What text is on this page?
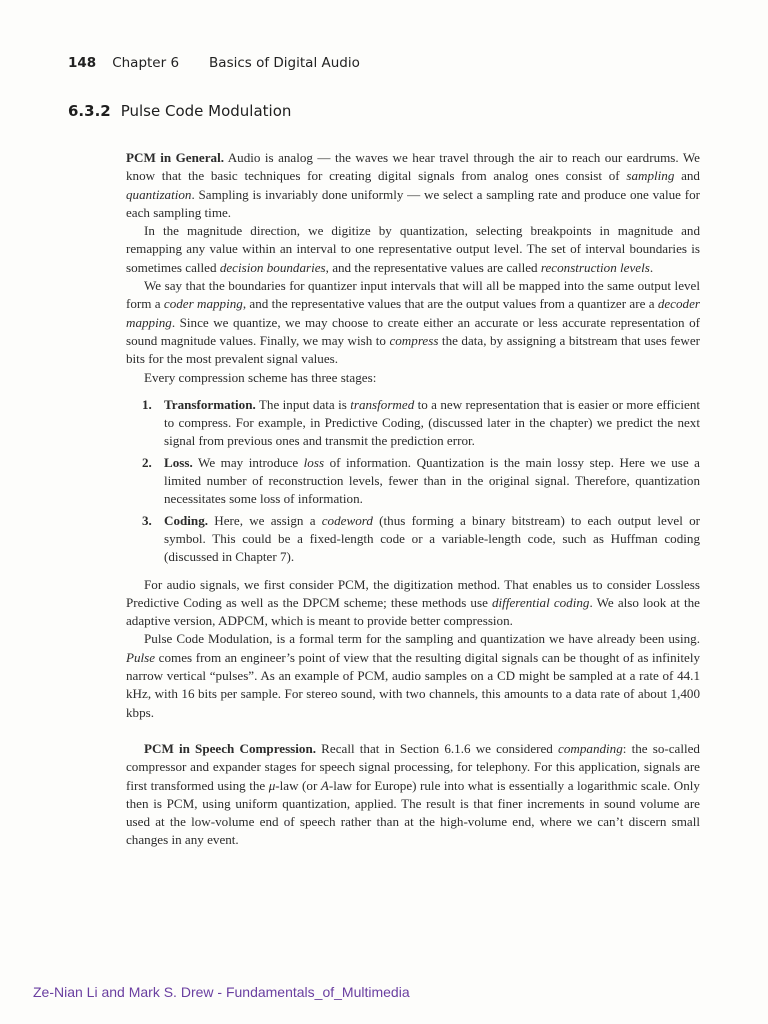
148 Chapter 6 Basics of Digital Audio
6.3.2 Pulse Code Modulation

PCM in General. Audio is analog — the waves we hear travel through the air to reach our eardrums. We know that the basic techniques for creating digital signals from analog ones consist of sampling and quantization. Sampling is invariably done uniformly — we select a sampling rate and produce one value for each sampling time.

In the magnitude direction, we digitize by quantization, selecting breakpoints in magnitude and remapping any value within an interval to one representative output level. The set of interval boundaries is sometimes called decision boundaries, and the representative values are called reconstruction levels.

We say that the boundaries for quantizer input intervals that will all be mapped into the same output level form a coder mapping, and the representative values that are the output values from a quantizer are a decoder mapping. Since we quantize, we may choose to create either an accurate or less accurate representation of sound magnitude values. Finally, we may wish to compress the data, by assigning a bitstream that uses fewer bits for the most prevalent signal values.

Every compression scheme has three stages:

1. Transformation. The input data is transformed to a new representation that is easier or more efficient to compress. For example, in Predictive Coding, (discussed later in the chapter) we predict the next signal from previous ones and transmit the prediction error.
2. Loss. We may introduce loss of information. Quantization is the main lossy step. Here we use a limited number of reconstruction levels, fewer than in the original signal. Therefore, quantization necessitates some loss of information.
3. Coding. Here, we assign a codeword (thus forming a binary bitstream) to each output level or symbol. This could be a fixed-length code or a variable-length code, such as Huffman coding (discussed in Chapter 7).

For audio signals, we first consider PCM, the digitization method. That enables us to consider Lossless Predictive Coding as well as the DPCM scheme; these methods use differential coding. We also look at the adaptive version, ADPCM, which is meant to provide better compression.

Pulse Code Modulation, is a formal term for the sampling and quantization we have already been using. Pulse comes from an engineer’s point of view that the resulting digital signals can be thought of as infinitely narrow vertical “pulses”. As an example of PCM, audio samples on a CD might be sampled at a rate of 44.1 kHz, with 16 bits per sample. For stereo sound, with two channels, this amounts to a data rate of about 1,400 kbps.

PCM in Speech Compression. Recall that in Section 6.1.6 we considered companding: the so-called compressor and expander stages for speech signal processing, for telephony. For this application, signals are first transformed using the μ-law (or A-law for Europe) rule into what is essentially a logarithmic scale. Only then is PCM, using uniform quantization, applied. The result is that finer increments in sound volume are used at the low-volume end of speech rather than at the high-volume end, where we can’t discern small changes in any event.

Ze-Nian Li and Mark S. Drew - Fundamentals_of_Multimedia
